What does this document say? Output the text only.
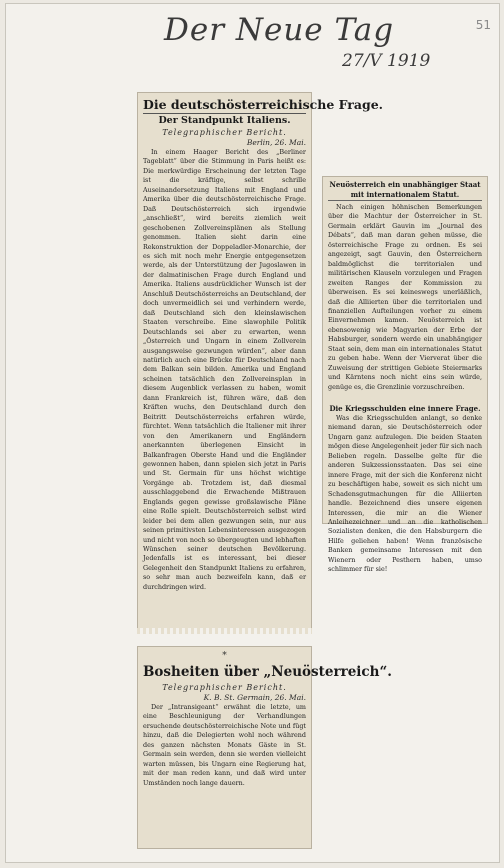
Der Neue Tag
27/V 1919
51
Die deutschösterreichische Frage.
Der Standpunkt Italiens.
Telegraphischer Bericht.
Berlin, 26. Mai.
In einem Haager Bericht des „Berliner Tageblatt“ über die Stimmung in Paris heißt es: Die merkwürdige Erscheinung der letzten Tage ist die kräftige, selbst schrille Auseinandersetzung Italiens mit England und Amerika über die deutschösterreichische Frage. Daß Deutschösterreich sich irgendwie „anschließt“, wird bereits ziemlich weit geschobenen Zollvereinsplänen als Stellung genommen. Italien sieht darin eine Rekonstruktion der Doppeladler-Monarchie, der es sich mit noch mehr Energie entgegensetzen werde, als der Unterstützung der Jugoslawen in der dalmatinischen Frage durch England und Amerika. Italiens ausdrücklicher Wunsch ist der Anschluß Deutschösterreichs an Deutschland, der doch unvermeidlich sei und verhindern werde, daß Deutschland sich den kleinslawischen Staaten verschreibe. Eine slawophile Politik Deutschlands sei aber zu erwarten, wenn „Österreich und Ungarn in einem Zollverein ausgangsweise gezwungen würden“, aber dann natürlich auch eine Brücke für Deutschland nach dem Balkan sein bilden. Amerika und England scheinen tatsächlich den Zollvereinsplan in diesem Augenblick verlassen zu haben, womit dann Frankreich ist, führen wäre, daß den Kräften wuchs, den Deutschland durch den Beitritt Deutschösterreichs erfahren würde, fürchtet. Wenn tatsächlich die Italiener mit ihrer von den Amerikanern und Engländern anerkannten überlegenen Einsicht in Balkanfragen Oberste Hand und die Engländer gewonnen haben, dann spielen sich jetzt in Paris und St. Germain für uns höchst wichtige Vorgänge ab. Trotzdem ist, daß diesmal ausschlaggebend die Erwachende Mißtrauen Englands gegen gewisse großslawische Pläne eine Rolle spielt. Deutschösterreich selbst wird leider bei dem allen gezwungen sein, nur aus seinen primitivsten Lebensinteressen ausgezogen und nicht von noch so übergeugten und lebhaften Wünschen seiner deutschen Bevölkerung. Jedenfalls ist es interessant, bei dieser Gelegenheit den Standpunkt Italiens zu erfahren, so sehr man auch bezweifeln kann, daß er durchdringen wird.
Neuösterreich ein unabhängiger Staat mit internationalem Statut.
Nach einigen höhnischen Bemerkungen über die Machtur der Österreicher in St. Germain erklärt Gauvin im „Journal des Débats“, daß man daran gehen müsse, die österreichische Frage zu ordnen. Es sei angezeigt, sagt Gauvin, den Österreichern baldmöglichst die territorialen und militärischen Klauseln vorzulegen und Fragen zweiten Ranges der Kommission zu überweisen. Es sei keineswegs unerläßlich, daß die Alliierten über die territorialen und finanziellen Aufteilungen vorher zu einem Einvernehmen kamen. Neuösterreich ist ebensowenig wie Magyarien der Erbe der Habsburger, sondern werde ein unabhängiger Staat sein, dem man ein internationales Statut zu geben habe. Wenn der Vierverat über die Zuweisung der strittigen Gebiete Steiermarks und Kärntens noch nicht eins sein würde, genüge es, die Grenzlinie vorzuschreiben.
Die Kriegsschulden eine innere Frage.
Was die Kriegsschulden anlangt, so denke niemand daran, sie Deutschösterreich oder Ungarn ganz aufzulegen. Die beiden Staaten mögen diese Angelegenheit jeder für sich nach Belieben regeln. Dasselbe gelte für die anderen Sukzessionsstaaten. Das sei eine innere Frage, mit der sich die Konferenz nicht zu beschäftigen habe, soweit es sich nicht um Schadensgutmachungen für die Alliierten handle. Bezeichnend dies unsere eigenen Interessen, die mir an die Wiener Anleihezeichner und an die katholischen Sozialisten denken, die den Habsburgern die Hilfe geliehen haben! Wenn französische Banken gemeinsame Interessen mit den Wienern oder Pesthern haben, umso schlimmer für sie!
*
Bosheiten über „Neuösterreich“.
Telegraphischer Bericht.
K. B. St. Germain, 26. Mai.
Der „Intransigeant“ erwähnt die letzte, um eine Beschleunigung der Verhandlungen ersuchende deutschösterreichische Note und fügt hinzu, daß die Delegierten wohl noch während des ganzen nächsten Monats Gäste in St. Germain sein werden, denn sie werden vielleicht warten müssen, bis Ungarn eine Regierung hat, mit der man reden kann, und daß wird unter Umständen noch lange dauern.
